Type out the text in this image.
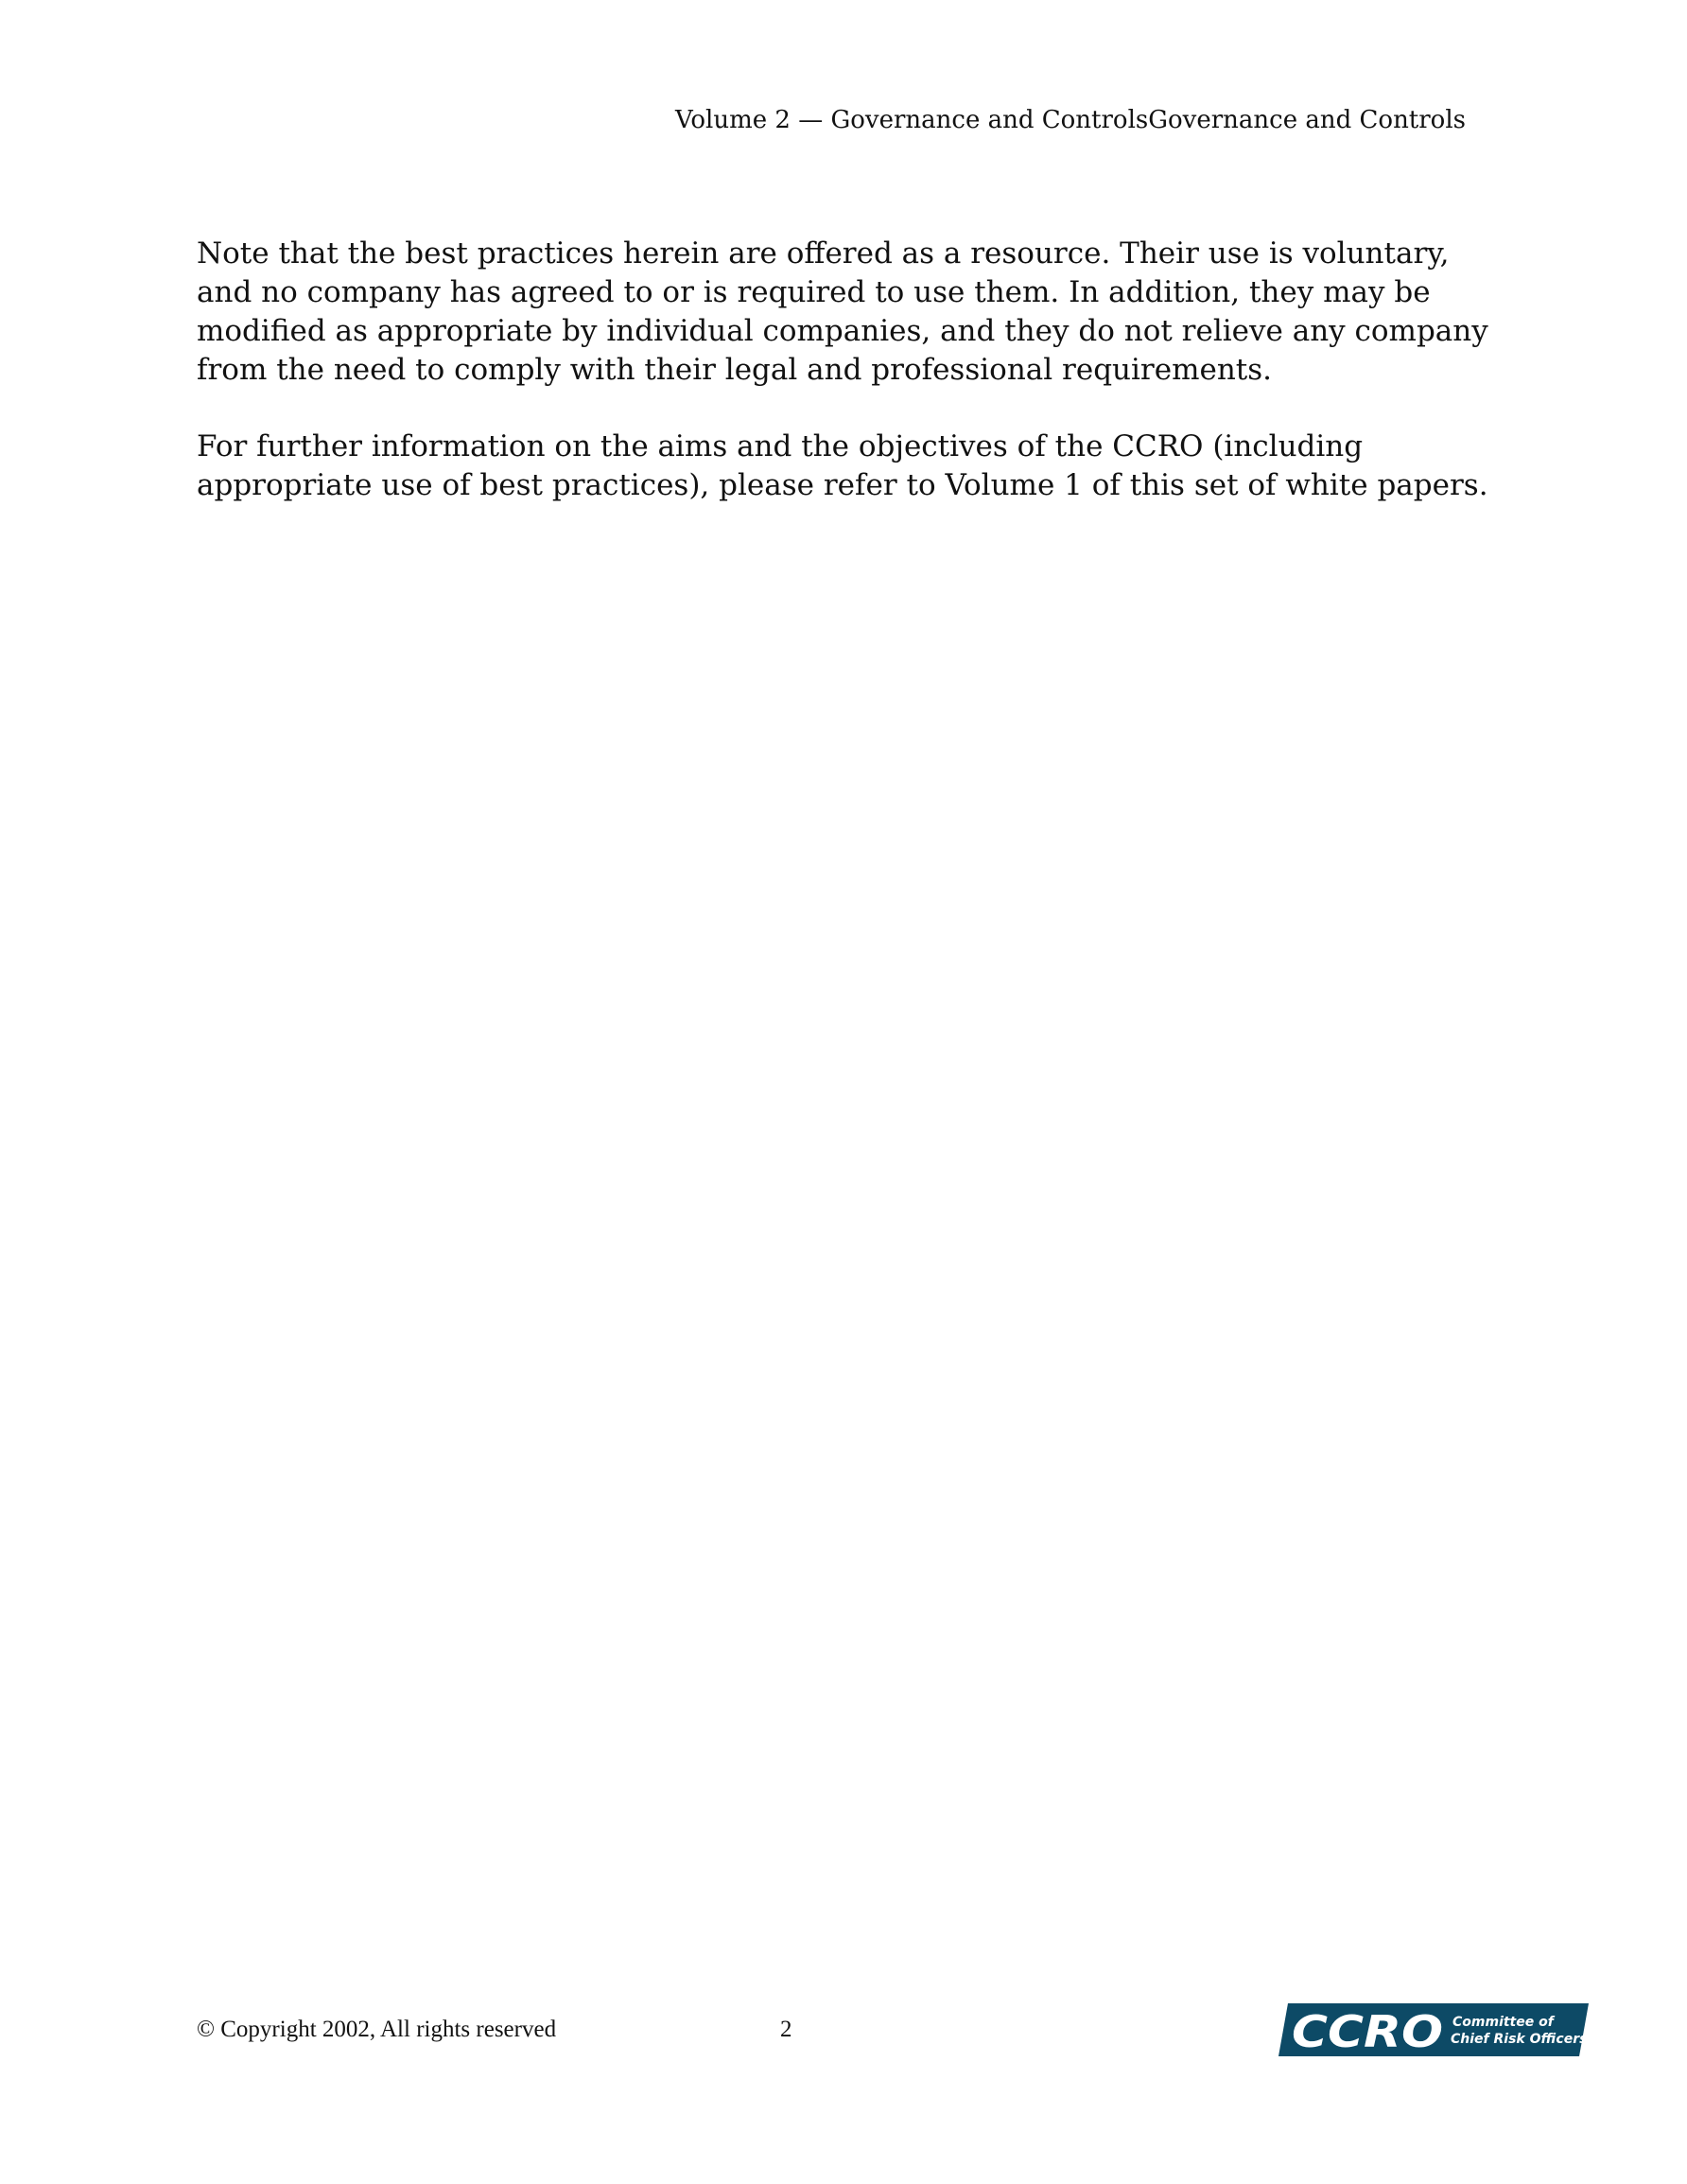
Volume 2 — Governance and ControlsGovernance and Controls

Note that the best practices herein are offered as a resource. Their use is voluntary, and no company has agreed to or is required to use them. In addition, they may be modified as appropriate by individual companies, and they do not relieve any company from the need to comply with their legal and professional requirements.

For further information on the aims and the objectives of the CCRO (including appropriate use of best practices), please refer to Volume 1 of this set of white papers.

© Copyright 2002, All rights reserved	2	CCRO Committee of
Chief Risk Officers
